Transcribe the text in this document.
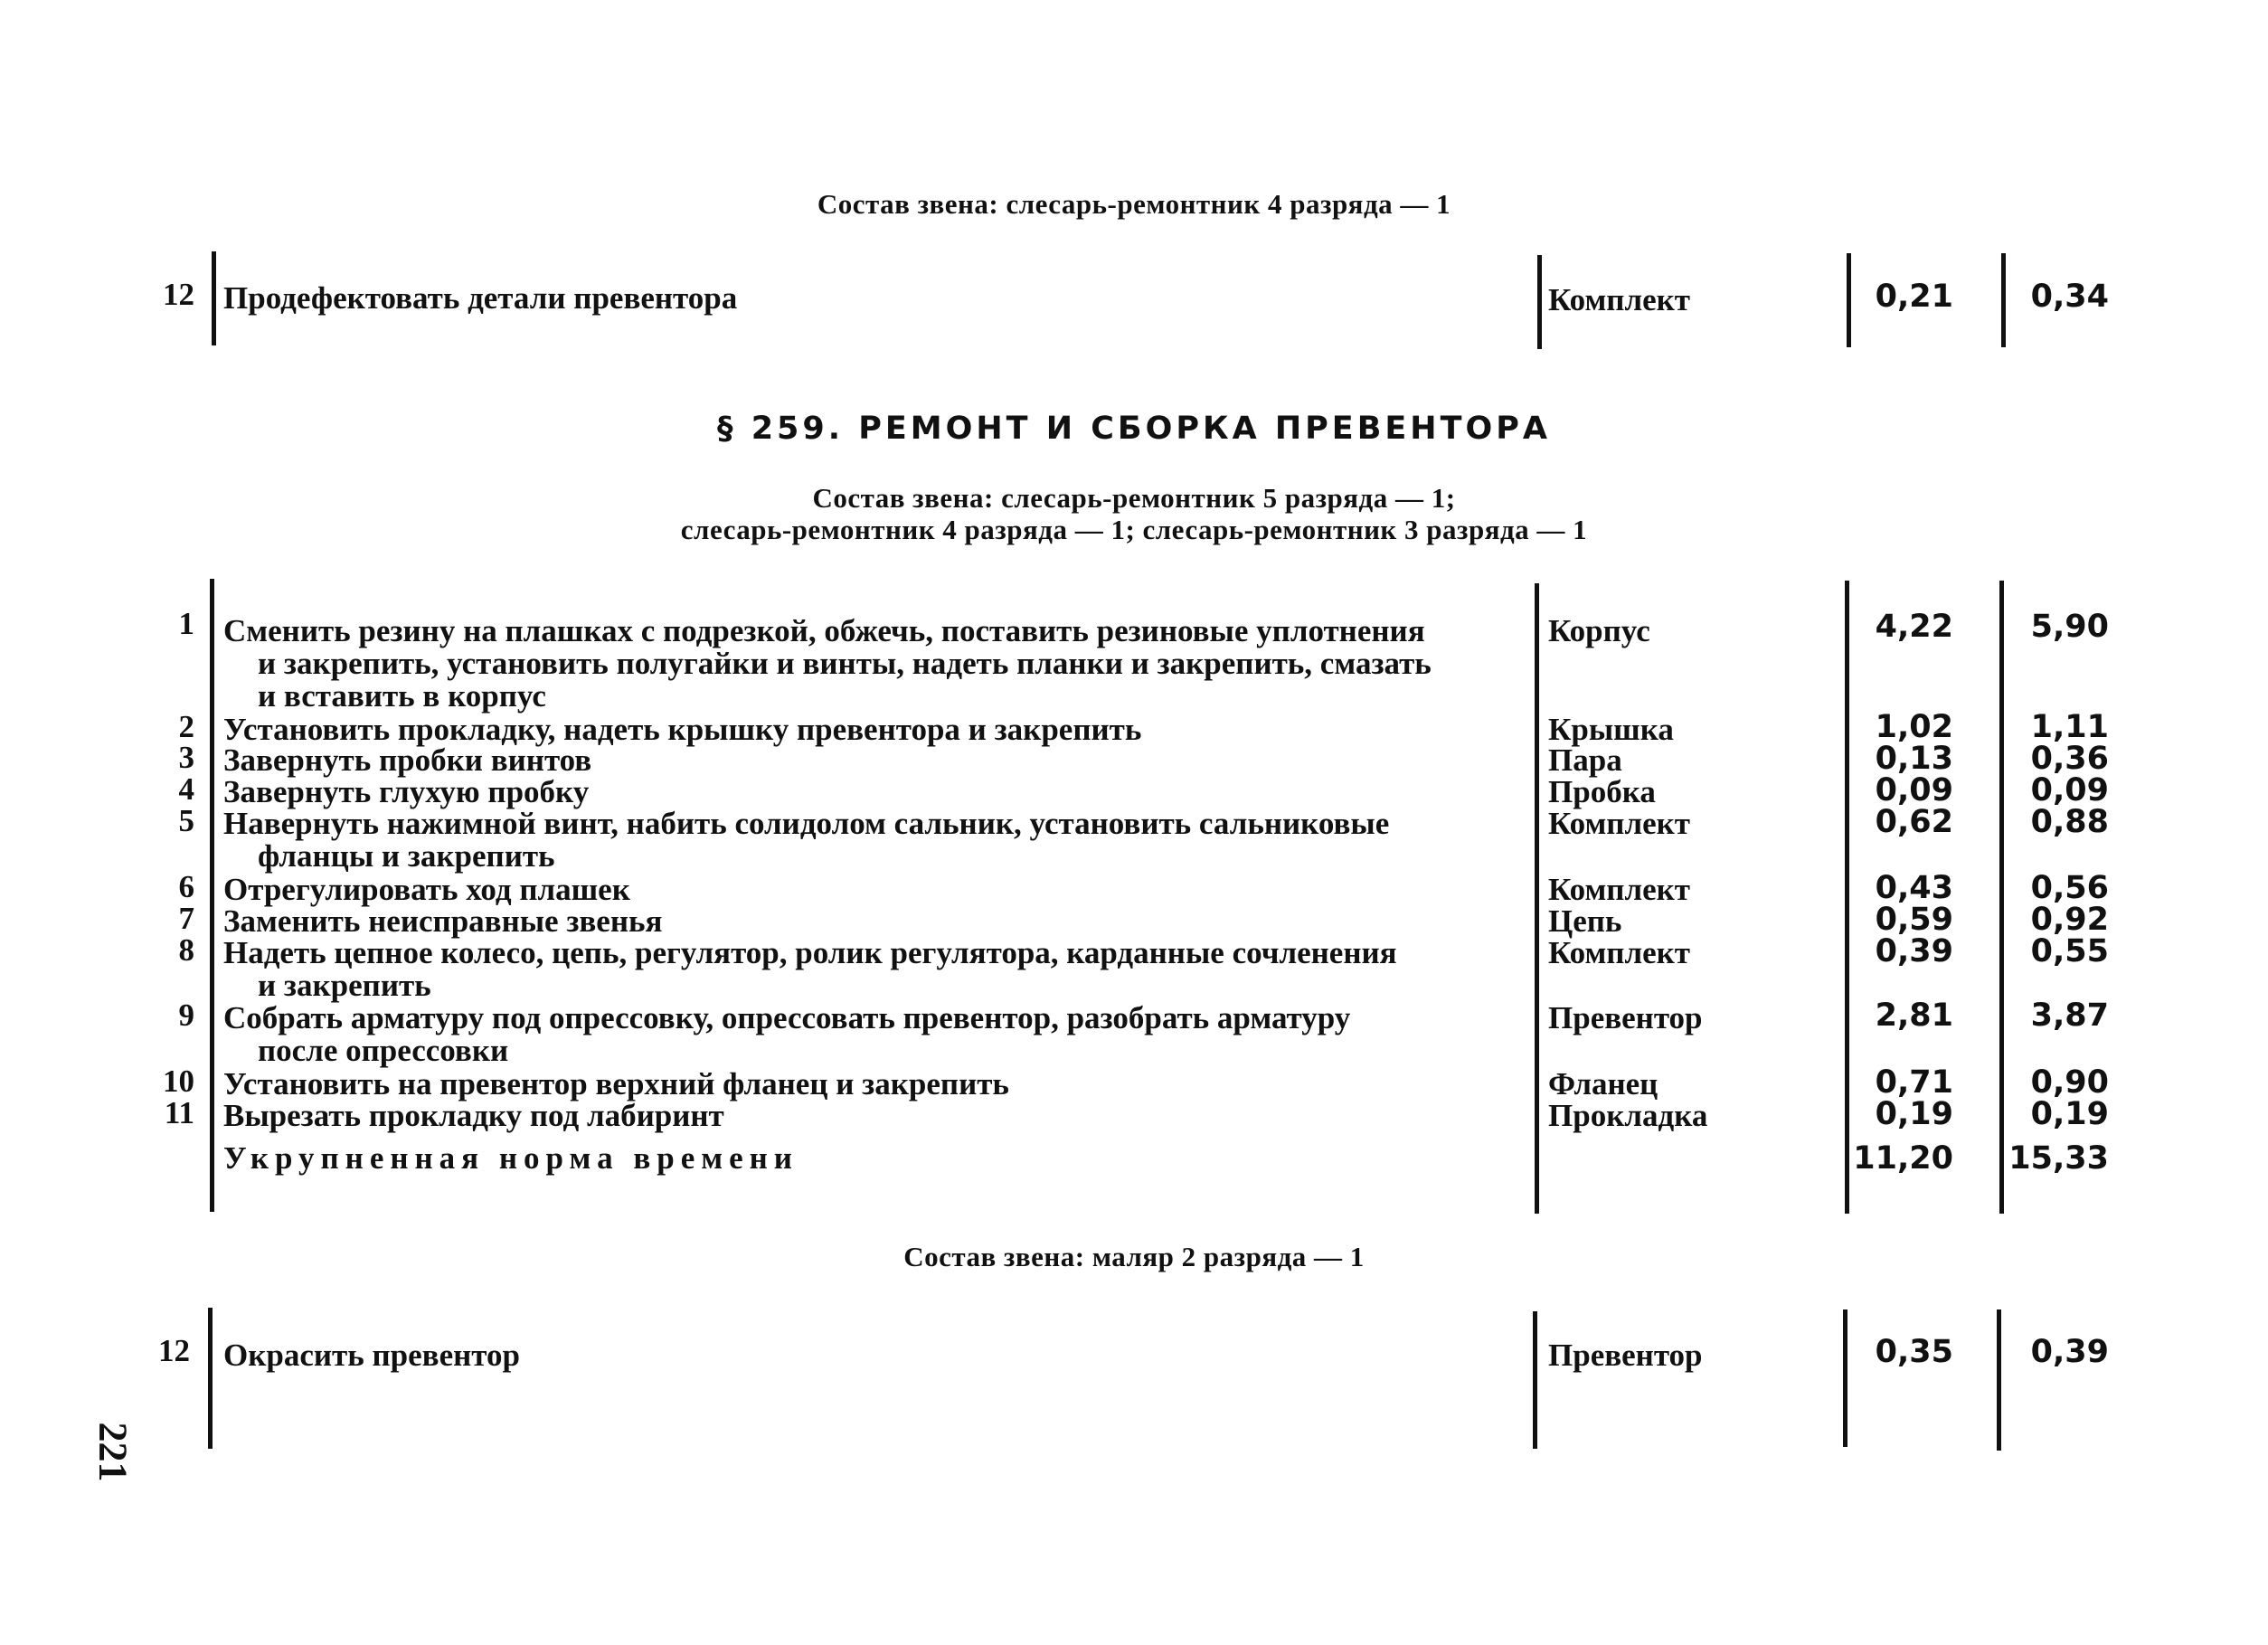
Состав звена: слесарь-ремонтник 4 разряда — 1
12 Продефектовать детали превентора	Комплект	0,21	0,34
§ 259. РЕМОНТ И СБОРКА ПРЕВЕНТОРА
Состав звена: слесарь-ремонтник 5 разряда — 1;
слесарь-ремонтник 4 разряда — 1; слесарь-ремонтник 3 разряда — 1
1 Сменить резину на плашках с подрезкой, обжечь, поставить резиновые уплотнения
и закрепить, установить полугайки и винты, надеть планки и закрепить, смазать
и вставить в корпус
Корпус	4,22	5,90
2 Установить прокладку, надеть крышку превентора и закрепить	Крышка	1,02	1,11
3 Завернуть пробки винтов	Пара	0,13	0,36
4 Завернуть глухую пробку	Пробка	0,09	0,09
5 Навернуть нажимной винт, набить солидолом сальник, установить сальниковые
фланцы и закрепить
Комплект	0,62	0,88
6 Отрегулировать ход плашек	Комплект	0,43	0,56
7 Заменить неисправные звенья	Цепь	0,59	0,92
8 Надеть цепное колесо, цепь, регулятор, ролик регулятора, карданные сочленения
и закрепить
Комплект	0,39	0,55
9 Собрать арматуру под опрессовку, опрессовать превентор, разобрать арматуру
после опрессовки
Превентор	2,81	3,87
10 Установить на превентор верхний фланец и закрепить	Фланец	0,71	0,90
11 Вырезать прокладку под лабиринт	Прокладка	0,19	0,19
Укрупненная норма времени	11,20 15,33
Состав звена: маляр 2 разряда — 1
12 Окрасить превентор	Превентор	0,35	0,39
221
